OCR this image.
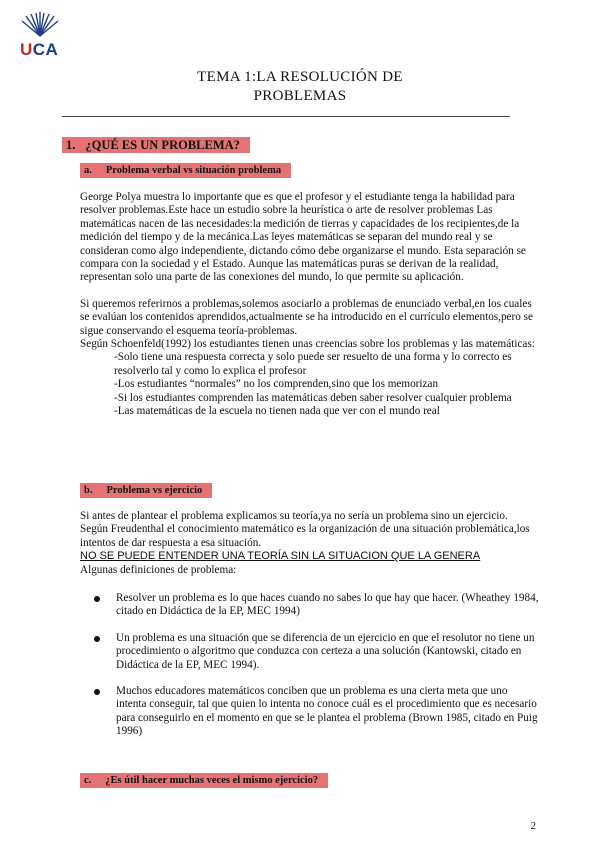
UCA
TEMA 1:LA RESOLUCIÓN DE
PROBLEMAS
1. ¿QUÉ ES UN PROBLEMA?
a. Problema verbal vs situación problema

George Polya muestra lo importante que es que el profesor y el estudiante tenga la habilidad para resolver problemas.Este hace un estudio sobre la heurística o arte de resolver problemas Las matemáticas nacen de las necesidades:la medición de tierras y capacidades de los recipientes,de la medición del tiempo y de la mecánica.Las leyes matemáticas se separan del mundo real y se consideran como algo independiente, dictando cómo debe organizarse el mundo. Esta separación se compara con la sociedad y el Estado. Aunque las matemáticas puras se derivan de la realidad, representan solo una parte de las conexiones del mundo, lo que permite su aplicación.

Si queremos referirnos a problemas,solemos asociarlo a problemas de enunciado verbal,en los cuales se evalúan los contenidos aprendidos,actualmente se ha introducido en el currículo elementos,pero se sigue conservando el esquema teoría-problemas.

Según Schoenfeld(1992) los estudiantes tienen unas creencias sobre los problemas y las matemáticas:

-Solo tiene una respuesta correcta y solo puede ser resuelto de una forma y lo correcto es resolverlo tal y como lo explica el profesor

-Los estudiantes “normales” no los comprenden,sino que los memorizan

-Si los estudiantes comprenden las matemáticas deben saber resolver cualquier problema

-Las matemáticas de la escuela no tienen nada que ver con el mundo real

b. Problema vs ejercicio

Si antes de plantear el problema explicamos su teoría,ya no sería un problema sino un ejercicio.

Según Freudenthal el conocimiento matemático es la organización de una situación problemática,los intentos de dar respuesta a esa situación.

NO SE PUEDE ENTENDER UNA TEORÍA SIN LA SITUACION QUE LA GENERA

Algunas definiciones de problema:

Resolver un problema es lo que haces cuando no sabes lo que hay que hacer. (Wheathey 1984, citado en Didáctica de la EP, MEC 1994)
Un problema es una situación que se diferencia de un ejercicio en que el resolutor no tiene un procedimiento o algoritmo que conduzca con certeza a una solución (Kantowski, citado en Didáctica de la EP, MEC 1994).
Muchos educadores matemáticos conciben que un problema es una cierta meta que uno intenta conseguir, tal que quien lo intenta no conoce cuál es el procedimiento que es necesario para conseguirlo en el momento en que se le plantea el problema (Brown 1985, citado en Puig 1996)
c. ¿Es útil hacer muchas veces el mismo ejercicio?
2
